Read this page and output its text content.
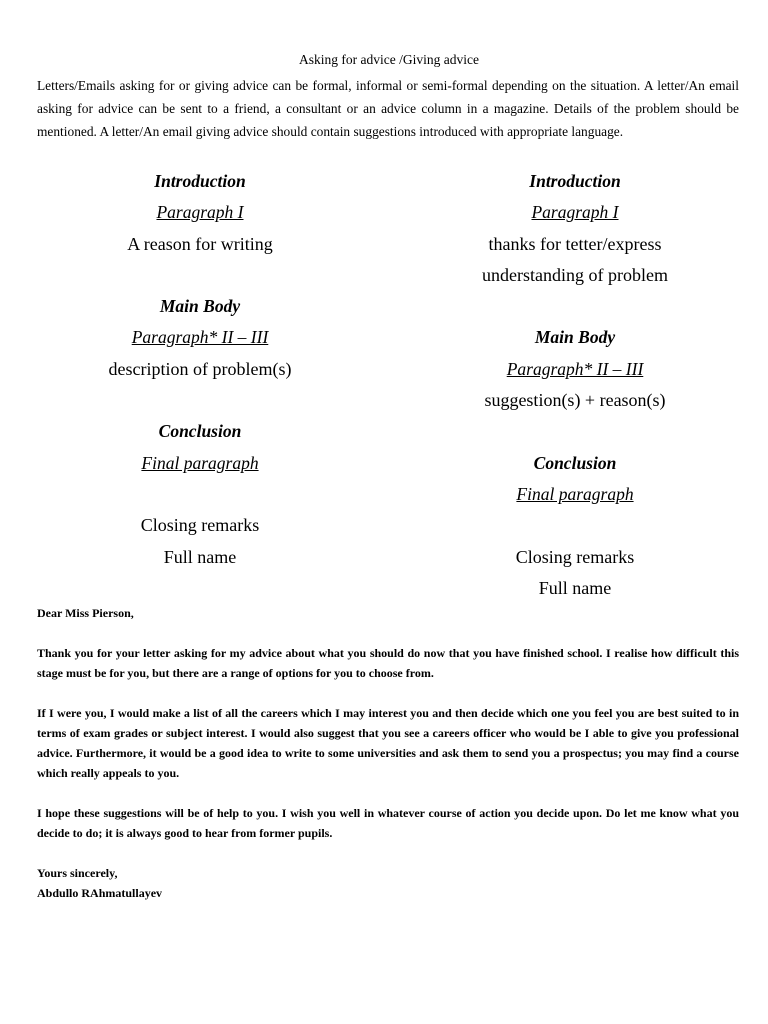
Asking for advice /Giving advice
Letters/Emails asking for or giving advice can be formal, informal or semi-formal depending on the situation. A letter/An email asking for advice can be sent to a friend, a consultant or an advice column in a magazine. Details of the problem should be mentioned. A letter/An email giving advice should contain suggestions introduced with appropriate language.
Introduction
Paragraph I
A reason for writing
Main Body
Paragraph* II – III
description of problem(s)
Conclusion
Final paragraph
Closing remarks
Full name
Introduction
Paragraph I
thanks for tetter/express
understanding of problem
Main Body
Paragraph* II – III
suggestion(s) + reason(s)
Conclusion
Final paragraph
Closing remarks
Full name

Dear Miss Pierson,

Thank you for your letter asking for my advice about what you should do now that you have finished school. I realise how difficult this stage must be for you, but there are a range of options for you to choose from.

If I were you, I would make a list of all the careers which I may interest you and then decide which one you feel you are best suited to in terms of exam grades or subject interest. I would also suggest that you see a careers officer who would be I able to give you professional advice. Furthermore, it would be a good idea to write to some universities and ask them to send you a prospectus; you may find a course which really appeals to you.

I hope these suggestions will be of help to you. I wish you well in whatever course of action you decide upon. Do let me know what you decide to do; it is always good to hear from former pupils.

Yours sincerely,

Abdullo RAhmatullayev
